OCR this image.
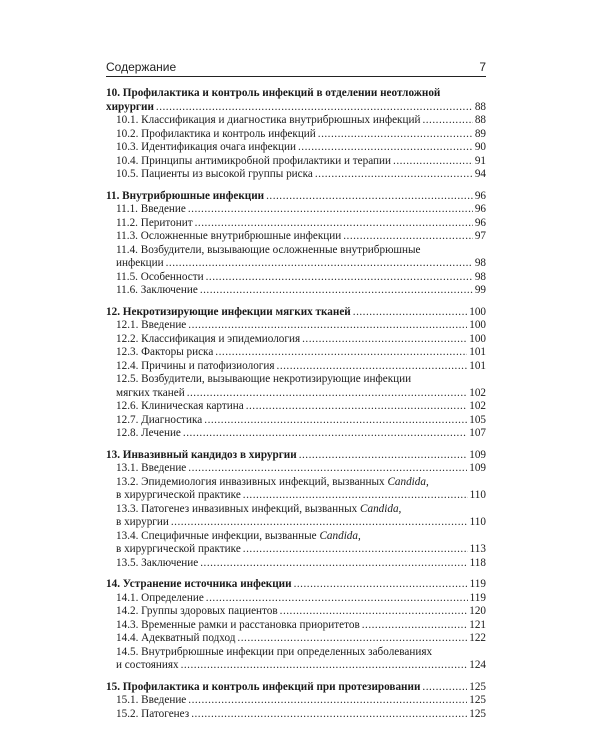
Содержание	7
10. Профилактика и контроль инфекций в отделении неотложной
хирургии .....	88
10.1. Классификация и диагностика внутрибрюшных инфекций .....	88
10.2. Профилактика и контроль инфекций .....	89
10.3. Идентификация очага инфекции .....	90
10.4. Принципы антимикробной профилактики и терапии .....	91
10.5. Пациенты из высокой группы риска .....	94
11. Внутрибрюшные инфекции .....	96
11.1. Введение .....	96
11.2. Перитонит .....	96
11.3. Осложненные внутрибрюшные инфекции .....	97
11.4. Возбудители, вызывающие осложненные внутрибрюшные
инфекции .....	98
11.5. Особенности .....	98
11.6. Заключение .....	99
12. Некротизирующие инфекции мягких тканей .....	100
12.1. Введение .....	100
12.2. Классификация и эпидемиология .....	100
12.3. Факторы риска .....	101
12.4. Причины и патофизиология .....	101
12.5. Возбудители, вызывающие некротизирующие инфекции
мягких тканей .....	102
12.6. Клиническая картина .....	102
12.7. Диагностика .....	105
12.8. Лечение .....	107
13. Инвазивный кандидоз в хирургии .....	109
13.1. Введение .....	109
13.2. Эпидемиология инвазивных инфекций, вызванных Candida,
в хирургической практике .....	110
13.3. Патогенез инвазивных инфекций, вызванных Candida,
в хирургии .....	110
13.4. Специфичные инфекции, вызванные Candida,
в хирургической практике .....	113
13.5. Заключение .....	118
14. Устранение источника инфекции .....	119
14.1. Определение .....	119
14.2. Группы здоровых пациентов .....	120
14.3. Временные рамки и расстановка приоритетов .....	121
14.4. Адекватный подход .....	122
14.5. Внутрибрюшные инфекции при определенных заболеваниях
и состояниях .....	124
15. Профилактика и контроль инфекций при протезировании .....	125
15.1. Введение .....	125
15.2. Патогенез .....	125
